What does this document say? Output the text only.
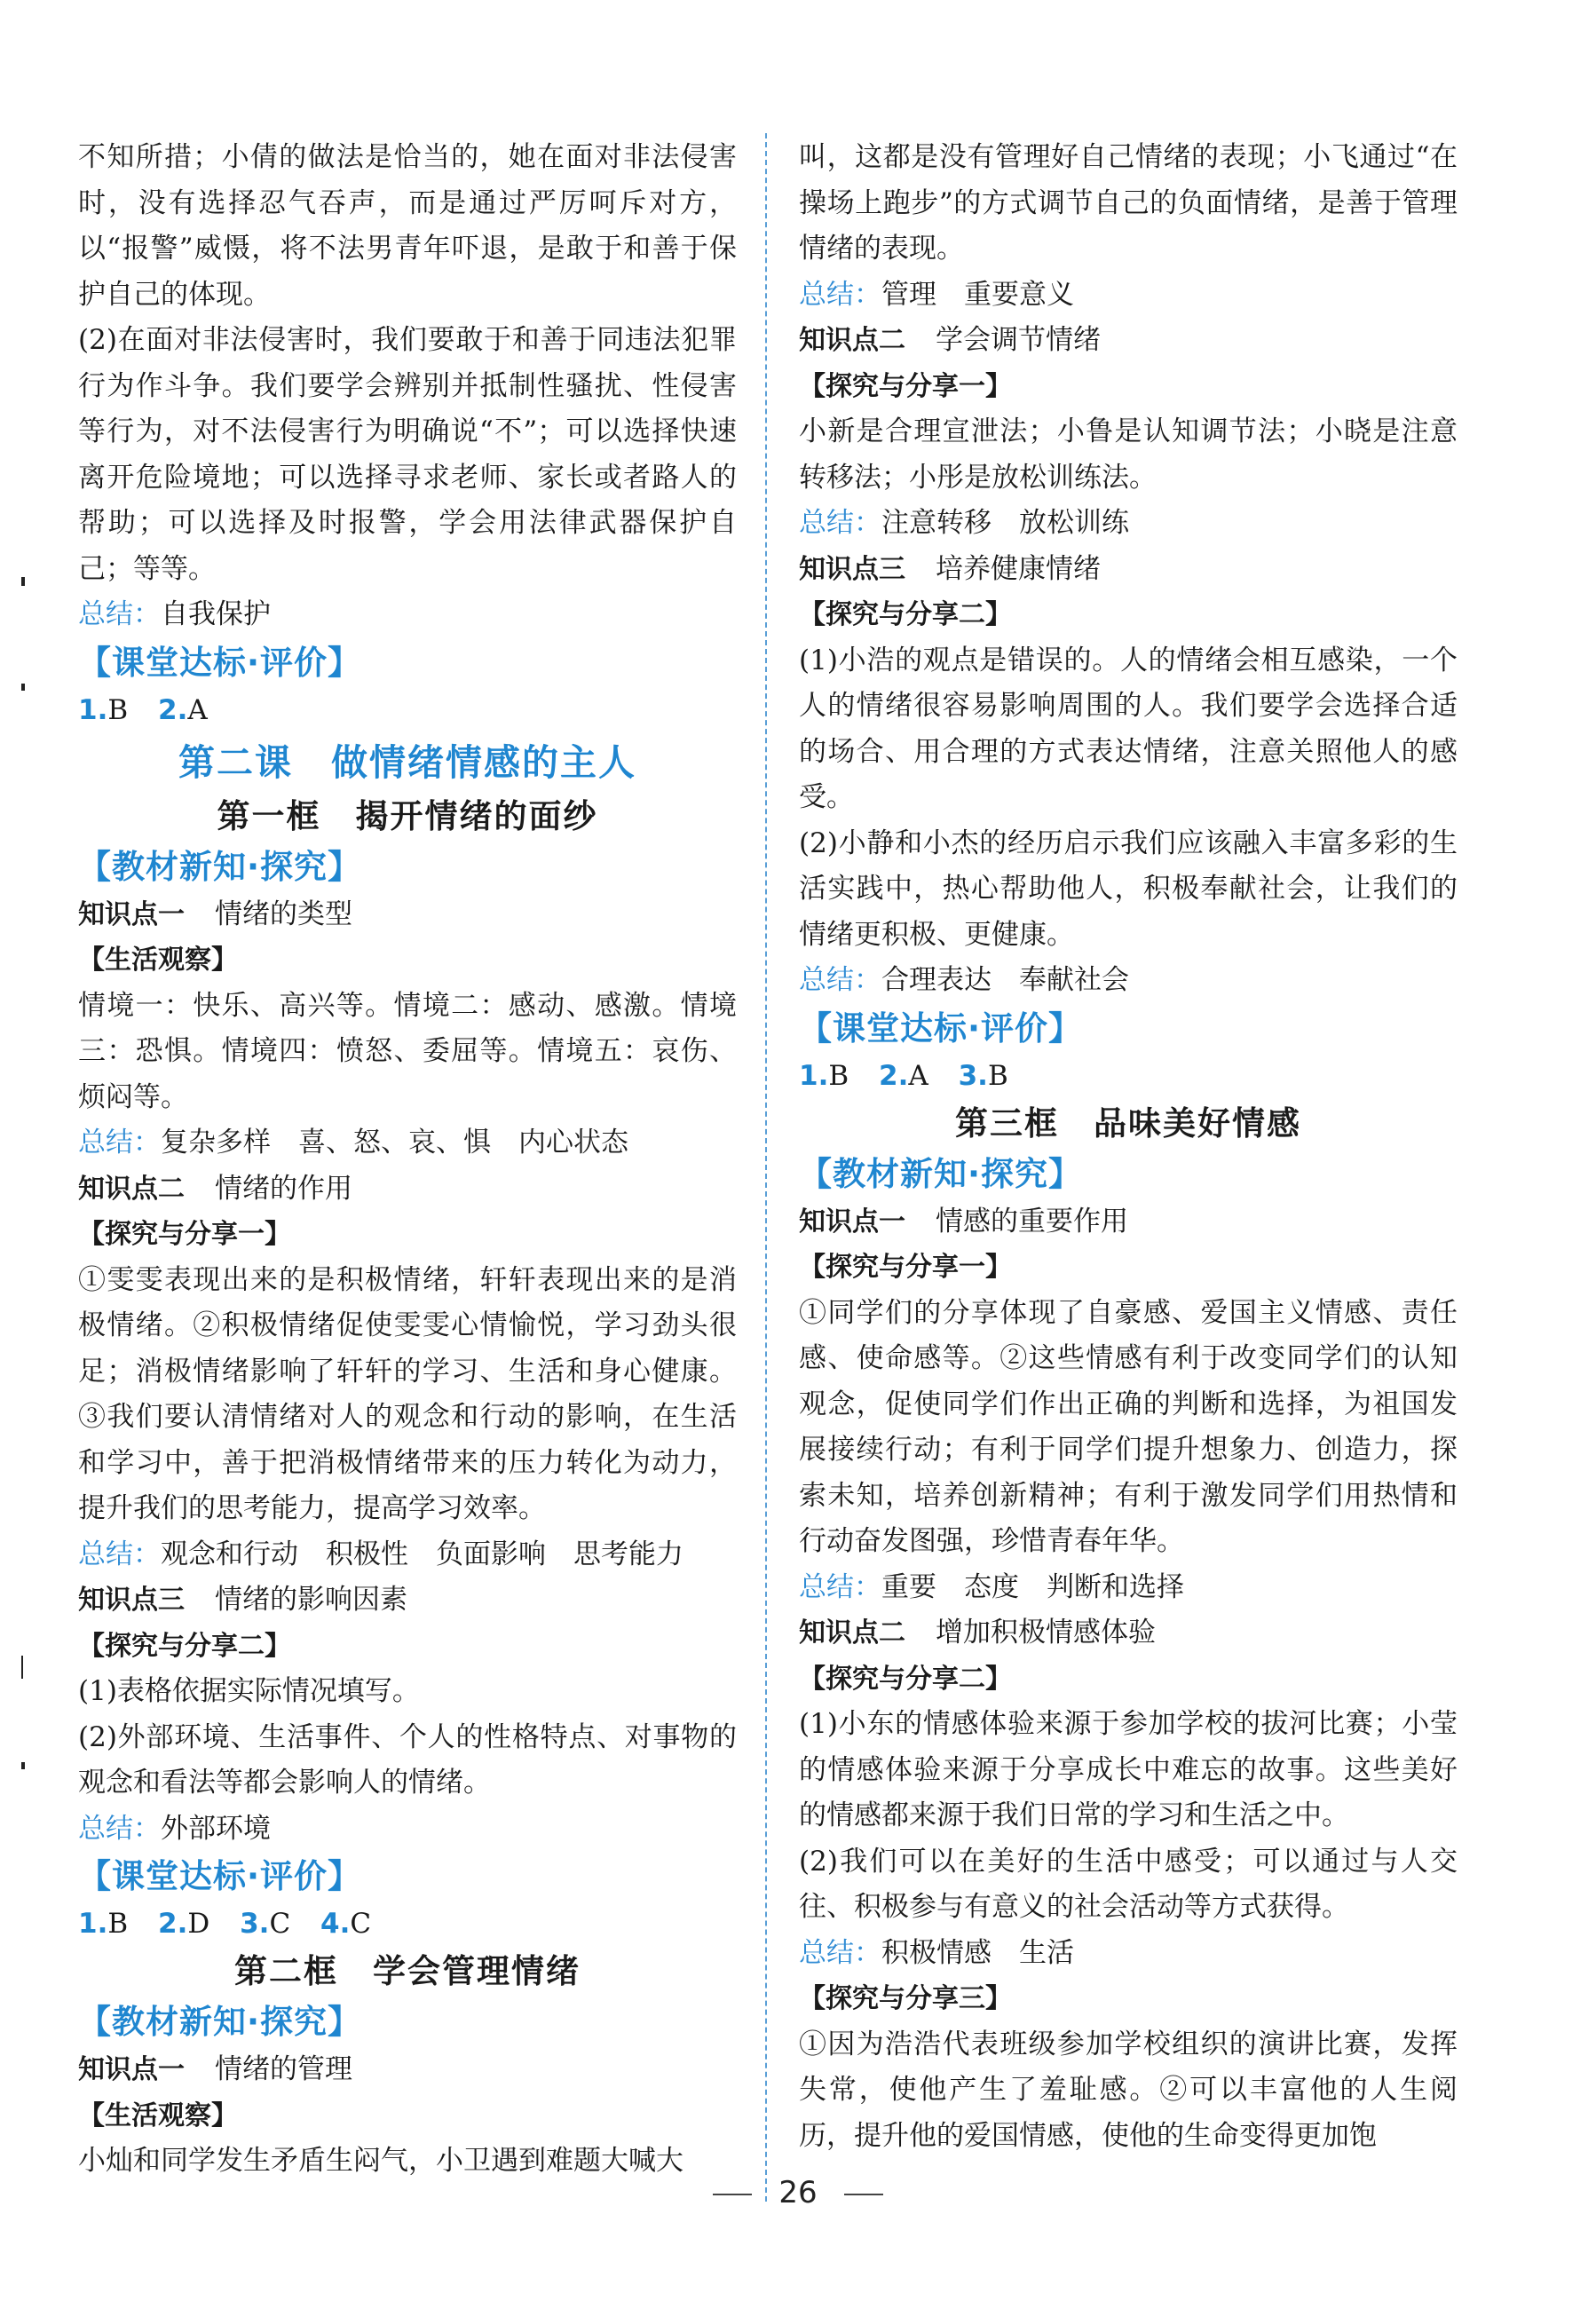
不知所措；小倩的做法是恰当的，她在面对非法侵害时，没有选择忍气吞声，而是通过严厉呵斥对方，以“报警”威慑，将不法男青年吓退，是敢于和善于保护自己的体现。

(2)在面对非法侵害时，我们要敢于和善于同违法犯罪行为作斗争。我们要学会辨别并抵制性骚扰、性侵害等行为，对不法侵害行为明确说“不”；可以选择快速离开危险境地；可以选择寻求老师、家长或者路人的帮助；可以选择及时报警，学会用法律武器保护自己；等等。

总结：自我保护

【课堂达标·评价】

1.B 2.A

第二课　做情绪情感的主人

第一框　揭开情绪的面纱

【教材新知·探究】

知识点一 情绪的类型

【生活观察】

情境一：快乐、高兴等。情境二：感动、感激。情境三：恐惧。情境四：愤怒、委屈等。情境五：哀伤、烦闷等。

总结：复杂多样　喜、怒、哀、惧　内心状态

知识点二 情绪的作用

【探究与分享一】

①雯雯表现出来的是积极情绪，轩轩表现出来的是消极情绪。②积极情绪促使雯雯心情愉悦，学习劲头很足；消极情绪影响了轩轩的学习、生活和身心健康。③我们要认清情绪对人的观念和行动的影响，在生活和学习中，善于把消极情绪带来的压力转化为动力，提升我们的思考能力，提高学习效率。

总结：观念和行动　积极性　负面影响　思考能力

知识点三 情绪的影响因素

【探究与分享二】

(1)表格依据实际情况填写。

(2)外部环境、生活事件、个人的性格特点、对事物的观念和看法等都会影响人的情绪。

总结：外部环境

【课堂达标·评价】

1.B 2.D 3.C 4.C

第二框　学会管理情绪

【教材新知·探究】

知识点一 情绪的管理

【生活观察】

小灿和同学发生矛盾生闷气，小卫遇到难题大喊大

叫，这都是没有管理好自己情绪的表现；小飞通过“在操场上跑步”的方式调节自己的负面情绪，是善于管理情绪的表现。

总结：管理　重要意义

知识点二 学会调节情绪

【探究与分享一】

小新是合理宣泄法；小鲁是认知调节法；小晓是注意转移法；小彤是放松训练法。

总结：注意转移　放松训练

知识点三 培养健康情绪

【探究与分享二】

(1)小浩的观点是错误的。人的情绪会相互感染，一个人的情绪很容易影响周围的人。我们要学会选择合适的场合、用合理的方式表达情绪，注意关照他人的感受。

(2)小静和小杰的经历启示我们应该融入丰富多彩的生活实践中，热心帮助他人，积极奉献社会，让我们的情绪更积极、更健康。

总结：合理表达　奉献社会

【课堂达标·评价】

1.B 2.A 3.B

第三框　品味美好情感

【教材新知·探究】

知识点一 情感的重要作用

【探究与分享一】

①同学们的分享体现了自豪感、爱国主义情感、责任感、使命感等。②这些情感有利于改变同学们的认知观念，促使同学们作出正确的判断和选择，为祖国发展接续行动；有利于同学们提升想象力、创造力，探索未知，培养创新精神；有利于激发同学们用热情和行动奋发图强，珍惜青春年华。

总结：重要　态度　判断和选择

知识点二 增加积极情感体验

【探究与分享二】

(1)小东的情感体验来源于参加学校的拔河比赛；小莹的情感体验来源于分享成长中难忘的故事。这些美好的情感都来源于我们日常的学习和生活之中。

(2)我们可以在美好的生活中感受；可以通过与人交往、积极参与有意义的社会活动等方式获得。

总结：积极情感　生活

【探究与分享三】

①因为浩浩代表班级参加学校组织的演讲比赛，发挥失常，使他产生了羞耻感。②可以丰富他的人生阅历，提升他的爱国情感，使他的生命变得更加饱

26
